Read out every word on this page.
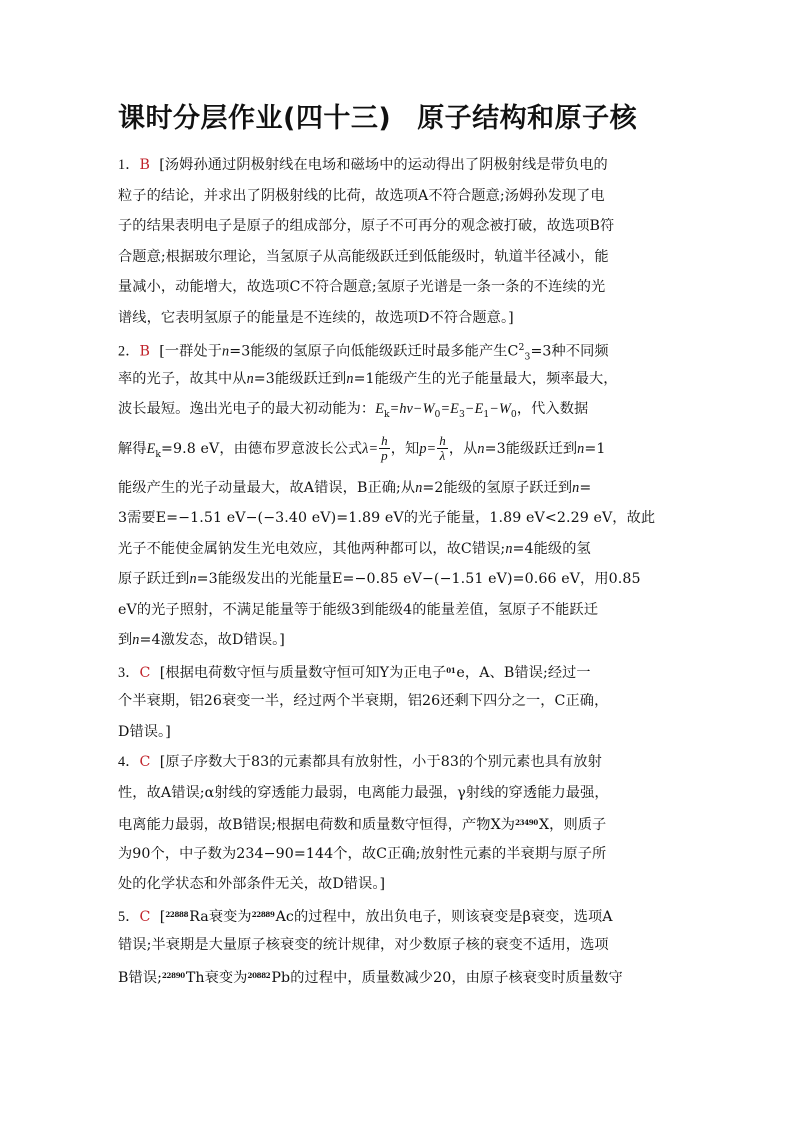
课时分层作业(四十三) 原子结构和原子核
1．B [汤姆孙通过阴极射线在电场和磁场中的运动得出了阴极射线是带负电的
粒子的结论，并求出了阴极射线的比荷，故选项A不符合题意;汤姆孙发现了电
子的结果表明电子是原子的组成部分，原子不可再分的观念被打破，故选项B符
合题意;根据玻尔理论，当氢原子从高能级跃迁到低能级时，轨道半径减小，能
量减小，动能增大，故选项C不符合题意;氢原子光谱是一条一条的不连续的光
谱线，它表明氢原子的能量是不连续的，故选项D不符合题意。]
2．B [一群处于n=3能级的氢原子向低能级跃迁时最多能产生$C^2_3=3$种不同频
率的光子，故其中从n=3能级跃迁到n=1能级产生的光子能量最大，频率最大，
波长最短。逸出光电子的最大初动能为：$E_k=h\nu-W_0=E_3-E_1-W_0$，代入数据
解得$E_k=9.8$ eV，由德布罗意波长公式$\lambda= \frac{h}{p}$ ，知$p= \frac{h}{\lambda}$ ，从n=3能级跃迁到n=1
能级产生的光子动量最大，故A错误，B正确;从n=2能级的氢原子跃迁到n=
3需要E=−1.51 eV−(−3.40 eV)=1.89 eV的光子能量，1.89 eV<2.29 eV，故此
光子不能使金属钠发生光电效应，其他两种都可以，故C错误;n=4能级的氢
原子跃迁到n=3能级发出的光能量E=−0.85 eV−(−1.51 eV)=0.66 eV，用0.85
eV的光子照射，不满足能量等于能级3到能级4的能量差值，氢原子不能跃迁
到n=4激发态，故D错误。]
3．C [根据电荷数守恒与质量数守恒可知Y为正电子0​1e，A、B错误;经过一
个半衰期，铝26衰变一半，经过两个半衰期，铝26还剩下四分之一，C正确，
D错误。]
4．C [原子序数大于83的元素都具有放射性，小于83的个别元素也具有放射
性，故A错误;α射线的穿透能力最弱，电离能力最强，γ射线的穿透能力最强，
电离能力最弱，故B错误;根据电荷数和质量数守恒得，产物X为234​90X，则质子
为90个，中子数为234−90=144个，故C正确;放射性元素的半衰期与原子所
处的化学状态和外部条件无关，故D错误。]
5．C [228​88Ra衰变为228​89Ac的过程中，放出负电子，则该衰变是β衰变，选项A
错误;半衰期是大量原子核衰变的统计规律，对少数原子核的衰变不适用，选项
B错误;228​90Th衰变为208​82Pb的过程中，质量数减少20，由原子核衰变时质量数守
